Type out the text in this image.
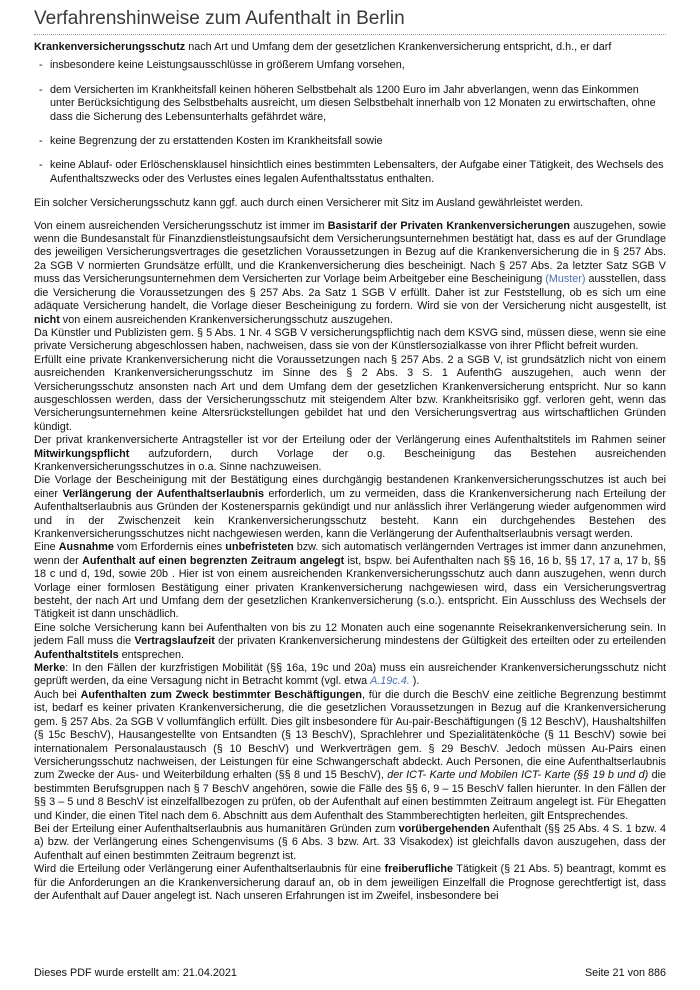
Verfahrenshinweise zum Aufenthalt in Berlin

Krankenversicherungsschutz nach Art und Umfang dem der gesetzlichen Krankenversicherung entspricht, d.h., er darf

- insbesondere keine Leistungsausschlüsse in größerem Umfang vorsehen,
- dem Versicherten im Krankheitsfall keinen höheren Selbstbehalt als 1200 Euro im Jahr abverlangen, wenn das Einkommen unter Berücksichtigung des Selbstbehalts ausreicht, um diesen Selbstbehalt innerhalb von 12 Monaten zu erwirtschaften, ohne dass die Sicherung des Lebensunterhalts gefährdet wäre,
- keine Begrenzung der zu erstattenden Kosten im Krankheitsfall sowie
- keine Ablauf- oder Erlöschensklausel hinsichtlich eines bestimmten Lebensalters, der Aufgabe einer Tätigkeit, des Wechsels des Aufenthaltszwecks oder des Verlustes eines legalen Aufenthaltsstatus enthalten.

Ein solcher Versicherungsschutz kann ggf. auch durch einen Versicherer mit Sitz im Ausland gewährleistet werden.

Von einem ausreichenden Versicherungsschutz ist immer im Basistarif der Privaten Krankenversicherungen auszugehen, sowie wenn die Bundesanstalt für Finanzdienstleistungsaufsicht dem Versicherungsunternehmen bestätigt hat, dass es auf der Grundlage des jeweiligen Versicherungsvertrages die gesetzlichen Voraussetzungen in Bezug auf die Krankenversicherung die in § 257 Abs. 2a SGB V normierten Grundsätze erfüllt, und die Krankenversicherung dies bescheinigt. Nach § 257 Abs. 2a letzter Satz SGB V muss das Versicherungsunternehmen dem Versicherten zur Vorlage beim Arbeitgeber eine Bescheinigung (Muster) ausstellen, dass die Versicherung die Voraussetzungen des § 257 Abs. 2a Satz 1 SGB V erfüllt. Daher ist zur Feststellung, ob es sich um eine adäquate Versicherung handelt, die Vorlage dieser Bescheinigung zu fordern. Wird sie von der Versicherung nicht ausgestellt, ist nicht von einem ausreichenden Krankenversicherungsschutz auszugehen.

Da Künstler und Publizisten gem. § 5 Abs. 1 Nr. 4 SGB V versicherungspflichtig nach dem KSVG sind, müssen diese, wenn sie eine private Versicherung abgeschlossen haben, nachweisen, dass sie von der Künstlersozialkasse von ihrer Pflicht befreit wurden.

Erfüllt eine private Krankenversicherung nicht die Voraussetzungen nach § 257 Abs. 2 a SGB V, ist grundsätzlich nicht von einem ausreichenden Krankenversicherungsschutz im Sinne des § 2 Abs. 3 S. 1 AufenthG auszugehen, auch wenn der Versicherungsschutz ansonsten nach Art und dem Umfang dem der gesetzlichen Krankenversicherung entspricht. Nur so kann ausgeschlossen werden, dass der Versicherungsschutz mit steigendem Alter bzw. Krankheitsrisiko ggf. verloren geht, wenn das Versicherungsunternehmen keine Altersrückstellungen gebildet hat und den Versicherungsvertrag aus wirtschaftlichen Gründen kündigt.

Der privat krankenversicherte Antragsteller ist vor der Erteilung oder der Verlängerung eines Aufenthaltstitels im Rahmen seiner Mitwirkungspflicht aufzufordern, durch Vorlage der o.g. Bescheinigung das Bestehen ausreichenden Krankenversicherungsschutzes in o.a. Sinne nachzuweisen.

Die Vorlage der Bescheinigung mit der Bestätigung eines durchgängig bestandenen Krankenversicherungsschutzes ist auch bei einer Verlängerung der Aufenthaltserlaubnis erforderlich, um zu vermeiden, dass die Krankenversicherung nach Erteilung der Aufenthaltserlaubnis aus Gründen der Kostenersparnis gekündigt und nur anlässlich ihrer Verlängerung wieder aufgenommen wird und in der Zwischenzeit kein Krankenversicherungsschutz besteht. Kann ein durchgehendes Bestehen des Krankenversicherungsschutzes nicht nachgewiesen werden, kann die Verlängerung der Aufenthaltserlaubnis versagt werden.

Eine Ausnahme vom Erfordernis eines unbefristeten bzw. sich automatisch verlängernden Vertrages ist immer dann anzunehmen, wenn der Aufenthalt auf einen begrenzten Zeitraum angelegt ist, bspw. bei Aufenthalten nach §§ 16, 16 b, §§ 17, 17 a, 17 b, §§ 18 c und d, 19d, sowie 20b . Hier ist von einem ausreichenden Krankenversicherungsschutz auch dann auszugehen, wenn durch Vorlage einer formlosen Bestätigung einer privaten Krankenversicherung nachgewiesen wird, dass ein Versicherungsvertrag besteht, der nach Art und Umfang dem der gesetzlichen Krankenversicherung (s.o.). entspricht. Ein Ausschluss des Wechsels der Tätigkeit ist dann unschädlich.

Eine solche Versicherung kann bei Aufenthalten von bis zu 12 Monaten auch eine sogenannte Reisekrankenversicherung sein. In jedem Fall muss die Vertragslaufzeit der privaten Krankenversicherung mindestens der Gültigkeit des erteilten oder zu erteilenden Aufenthaltstitels entsprechen.

Merke: In den Fällen der kurzfristigen Mobilität (§§ 16a, 19c und 20a) muss ein ausreichender Krankenversicherungsschutz nicht geprüft werden, da eine Versagung nicht in Betracht kommt (vgl. etwa A.19c.4. ).

Auch bei Aufenthalten zum Zweck bestimmter Beschäftigungen, für die durch die BeschV eine zeitliche Begrenzung bestimmt ist, bedarf es keiner privaten Krankenversicherung, die die gesetzlichen Voraussetzungen in Bezug auf die Krankenversicherung gem. § 257 Abs. 2a SGB V vollumfänglich erfüllt. Dies gilt insbesondere für Au-pair-Beschäftigungen (§ 12 BeschV), Haushaltshilfen (§ 15c BeschV), Hausangestellte von Entsandten (§ 13 BeschV), Sprachlehrer und Spezialitätenköche (§ 11 BeschV) sowie bei internationalem Personalaustausch (§ 10 BeschV) und Werkverträgen gem. § 29 BeschV. Jedoch müssen Au-Pairs einen Versicherungsschutz nachweisen, der Leistungen für eine Schwangerschaft abdeckt. Auch Personen, die eine Aufenthaltserlaubnis zum Zwecke der Aus- und Weiterbildung erhalten (§§ 8 und 15 BeschV), der ICT- Karte und Mobilen ICT- Karte (§§ 19 b und d) die bestimmten Berufsgruppen nach § 7 BeschV angehören, sowie die Fälle des §§ 6, 9 – 15 BeschV fallen hierunter. In den Fällen der §§ 3 – 5 und 8 BeschV ist einzelfallbezogen zu prüfen, ob der Aufenthalt auf einen bestimmten Zeitraum angelegt ist. Für Ehegatten und Kinder, die einen Titel nach dem 6. Abschnitt aus dem Aufenthalt des Stammberechtigten herleiten, gilt Entsprechendes.

Bei der Erteilung einer Aufenthaltserlaubnis aus humanitären Gründen zum vorübergehenden Aufenthalt (§§ 25 Abs. 4 S. 1 bzw. 4 a) bzw. der Verlängerung eines Schengenvisums (§ 6 Abs. 3 bzw. Art. 33 Visakodex) ist gleichfalls davon auszugehen, dass der Aufenthalt auf einen bestimmten Zeitraum begrenzt ist.

Wird die Erteilung oder Verlängerung einer Aufenthaltserlaubnis für eine freiberufliche Tätigkeit (§ 21 Abs. 5) beantragt, kommt es für die Anforderungen an die Krankenversicherung darauf an, ob in dem jeweiligen Einzelfall die Prognose gerechtfertigt ist, dass der Aufenthalt auf Dauer angelegt ist. Nach unseren Erfahrungen ist im Zweifel, insbesondere bei

Dieses PDF wurde erstellt am: 21.04.2021	Seite 21 von 886
